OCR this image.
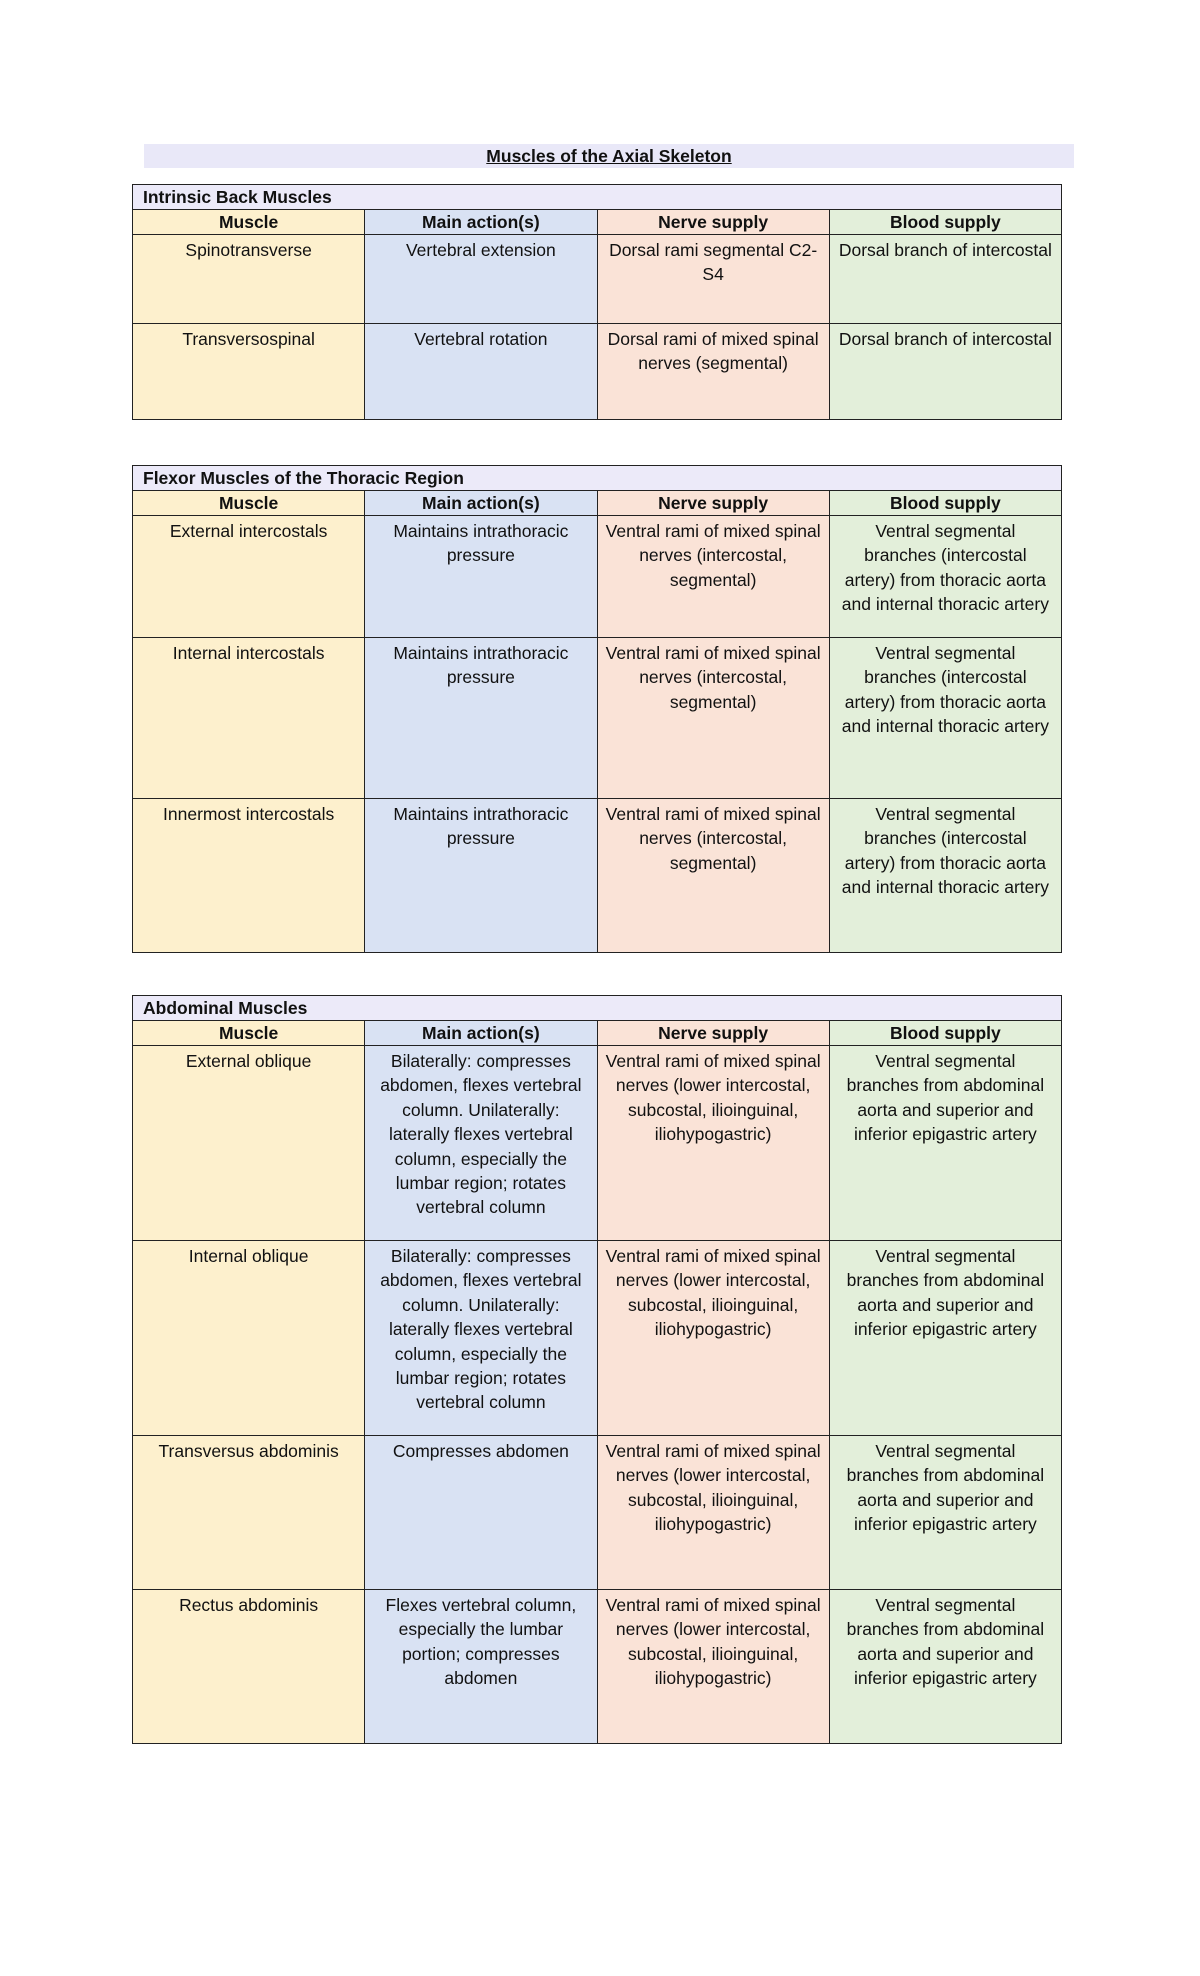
Muscles of the Axial Skeleton
Intrinsic Back Muscles			
Muscle	Main action(s)	Nerve supply	Blood supply
Spinotransverse	Vertebral extension	Dorsal rami segmental C2-S4	Dorsal branch of intercostal
Transversospinal	Vertebral rotation	Dorsal rami of mixed spinal nerves (segmental)	Dorsal branch of intercostal
Flexor Muscles of the Thoracic Region			
Muscle	Main action(s)	Nerve supply	Blood supply
External intercostals	Maintains intrathoracic pressure	Ventral rami of mixed spinal nerves (intercostal, segmental)	Ventral segmental branches (intercostal artery) from thoracic aorta and internal thoracic artery
Internal intercostals	Maintains intrathoracic pressure	Ventral rami of mixed spinal nerves (intercostal, segmental)	Ventral segmental branches (intercostal artery) from thoracic aorta and internal thoracic artery
Innermost intercostals	Maintains intrathoracic pressure	Ventral rami of mixed spinal nerves (intercostal, segmental)	Ventral segmental branches (intercostal artery) from thoracic aorta and internal thoracic artery
Abdominal Muscles			
Muscle	Main action(s)	Nerve supply	Blood supply
External oblique	Bilaterally: compresses abdomen, flexes vertebral column. Unilaterally: laterally flexes vertebral column, especially the lumbar region; rotates vertebral column	Ventral rami of mixed spinal nerves (lower intercostal, subcostal, ilioinguinal, iliohypogastric)	Ventral segmental branches from abdominal aorta and superior and inferior epigastric artery
Internal oblique	Bilaterally: compresses abdomen, flexes vertebral column. Unilaterally: laterally flexes vertebral column, especially the lumbar region; rotates vertebral column	Ventral rami of mixed spinal nerves (lower intercostal, subcostal, ilioinguinal, iliohypogastric)	Ventral segmental branches from abdominal aorta and superior and inferior epigastric artery
Transversus abdominis	Compresses abdomen	Ventral rami of mixed spinal nerves (lower intercostal, subcostal, ilioinguinal, iliohypogastric)	Ventral segmental branches from abdominal aorta and superior and inferior epigastric artery
Rectus abdominis	Flexes vertebral column, especially the lumbar portion; compresses abdomen	Ventral rami of mixed spinal nerves (lower intercostal, subcostal, ilioinguinal, iliohypogastric)	Ventral segmental branches from abdominal aorta and superior and inferior epigastric artery
